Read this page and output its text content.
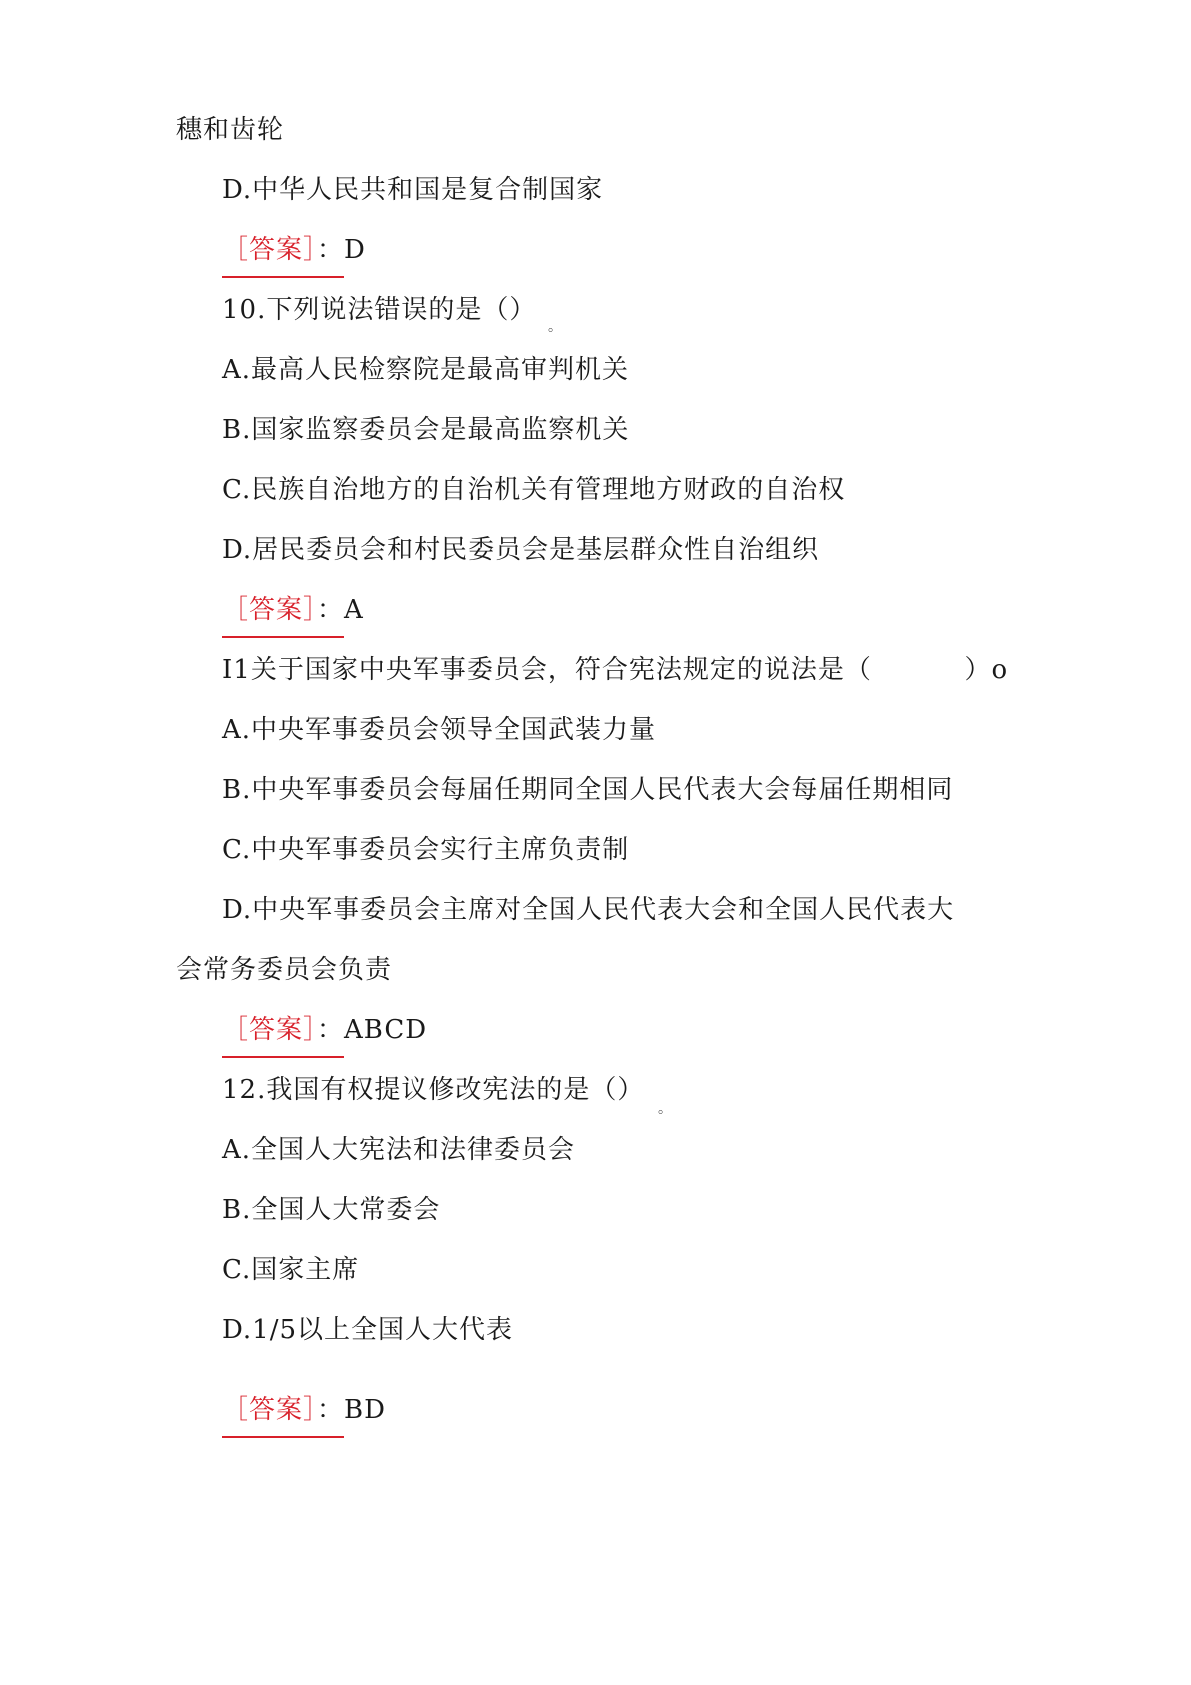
穗和齿轮
D.中华人民共和国是复合制国家
［答案］：
D
10.下列说法错误的是（）
。
A.最高人民检察院是最高审判机关
B.国家监察委员会是最高监察机关
C.民族自治地方的自治机关有管理地方财政的自治权
D.居民委员会和村民委员会是基层群众性自治组织
［答案］：
A
I1关于国家中央军事委员会，符合宪法规定的说法是（          ）o
A.中央军事委员会领导全国武装力量
B.中央军事委员会每届任期同全国人民代表大会每届任期相同
C.中央军事委员会实行主席负责制
D.中央军事委员会主席对全国人民代表大会和全国人民代表大
会常务委员会负责
［答案］：
ABCD
12.我国有权提议修改宪法的是（）
。
A.全国人大宪法和法律委员会
B.全国人大常委会
C.国家主席
D.1/5以上全国人大代表
［答案］：
BD
